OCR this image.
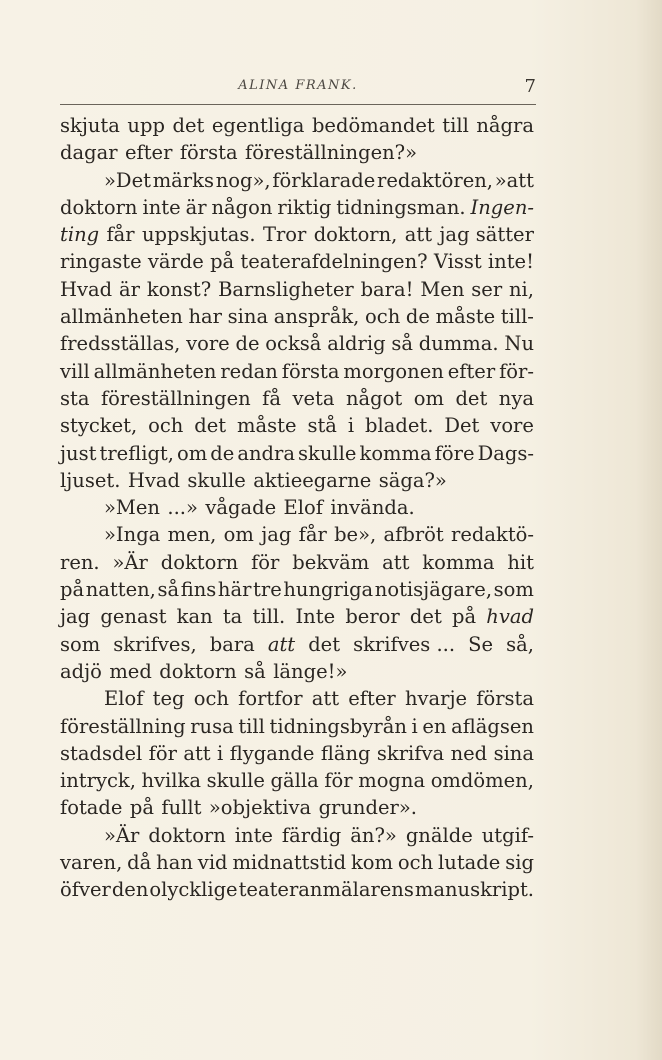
ALINA FRANK.	7
skjuta upp det egentliga bedömandet till några
dagar efter första föreställningen?»
»Det märks nog», förklarade redaktören, »att
doktorn inte är någon riktig tidningsman. Ingen-
ting får uppskjutas. Tror doktorn, att jag sätter
ringaste värde på teaterafdelningen? Visst inte!
Hvad är konst? Barnsligheter bara! Men ser ni,
allmänheten har sina anspråk, och de måste till-
fredsställas, vore de också aldrig så dumma. Nu
vill allmänheten redan första morgonen efter för-
sta föreställningen få veta något om det nya
stycket, och det måste stå i bladet. Det vore
just trefligt, om de andra skulle komma före Dags-
ljuset. Hvad skulle aktieegarne säga?»
»Men ...» vågade Elof invända.
»Inga men, om jag får be», afbröt redaktö-
ren. »Är doktorn för bekväm att komma hit
på natten, så fins här tre hungriga notisjägare, som
jag genast kan ta till. Inte beror det på hvad
som skrifves, bara att det skrifves ... Se så,
adjö med doktorn så länge!»
Elof teg och fortfor att efter hvarje första
föreställning rusa till tidningsbyrån i en aflägsen
stadsdel för att i flygande fläng skrifva ned sina
intryck, hvilka skulle gälla för mogna omdömen,
fotade på fullt »objektiva grunder».
»Är doktorn inte färdig än?» gnälde utgif-
varen, då han vid midnattstid kom och lutade sig
öfver den olycklige teateranmälarens manuskript.
